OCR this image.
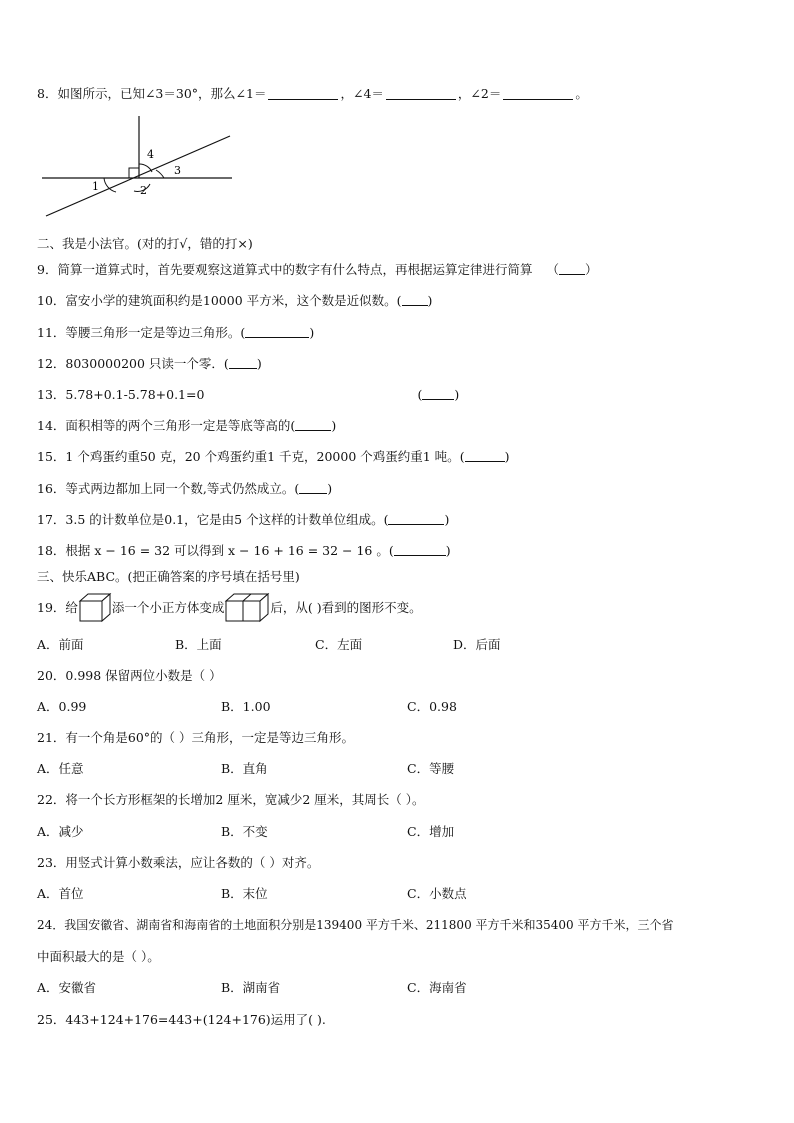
8．如图所示，已知∠3＝30°，那么∠1＝	，∠4＝	，∠2＝	。
1	2
3
4
二、我是小法官。(对的打√，错的打×)
9．简算一道算式时，首先要观察这道算式中的数字有什么特点，再根据运算定律进行简算 （ ）
10．富安小学的建筑面积约是10000 平方米，这个数是近似数。( )
11．等腰三角形一定是等边三角形。(	)
12．8030000200 只读一个零．( )
13．5.78+0.1-5.78+0.1=0	(	)
14．面积相等的两个三角形一定是等底等高的(	)
15．1 个鸡蛋约重50 克，20 个鸡蛋约重1 千克，20000 个鸡蛋约重1 吨。(	)
16．等式两边都加上同一个数,等式仍然成立。( )
17．3.5 的计数单位是0.1，它是由5 个这样的计数单位组成。(	)
18．根据 x − 16 = 32 可以得到 x − 16 + 16 = 32 − 16 。(	)
三、快乐ABC。(把正确答案的序号填在括号里)
19．给	添一个小正方体变成	后，从( )看到的图形不变。
A．前面	B．上面	C．左面	D．后面
20．0.998 保留两位小数是（ ）
A．0.99	B．1.00	C．0.98
21．有一个角是60°的（ ）三角形，一定是等边三角形。
A．任意	B．直角	C．等腰
22．将一个长方形框架的长增加2 厘米，宽减少2 厘米，其周长（ ）。
A．减少	B．不变	C．增加
23．用竖式计算小数乘法，应让各数的（ ）对齐。
A．首位	B．末位	C．小数点
24．我国安徽省、湖南省和海南省的土地面积分别是139400 平方千米、211800 平方千米和35400 平方千米，三个省
中面积最大的是（ ）。
A．安徽省	B．湖南省	C．海南省
25．443+124+176=443+(124+176)运用了( ).
